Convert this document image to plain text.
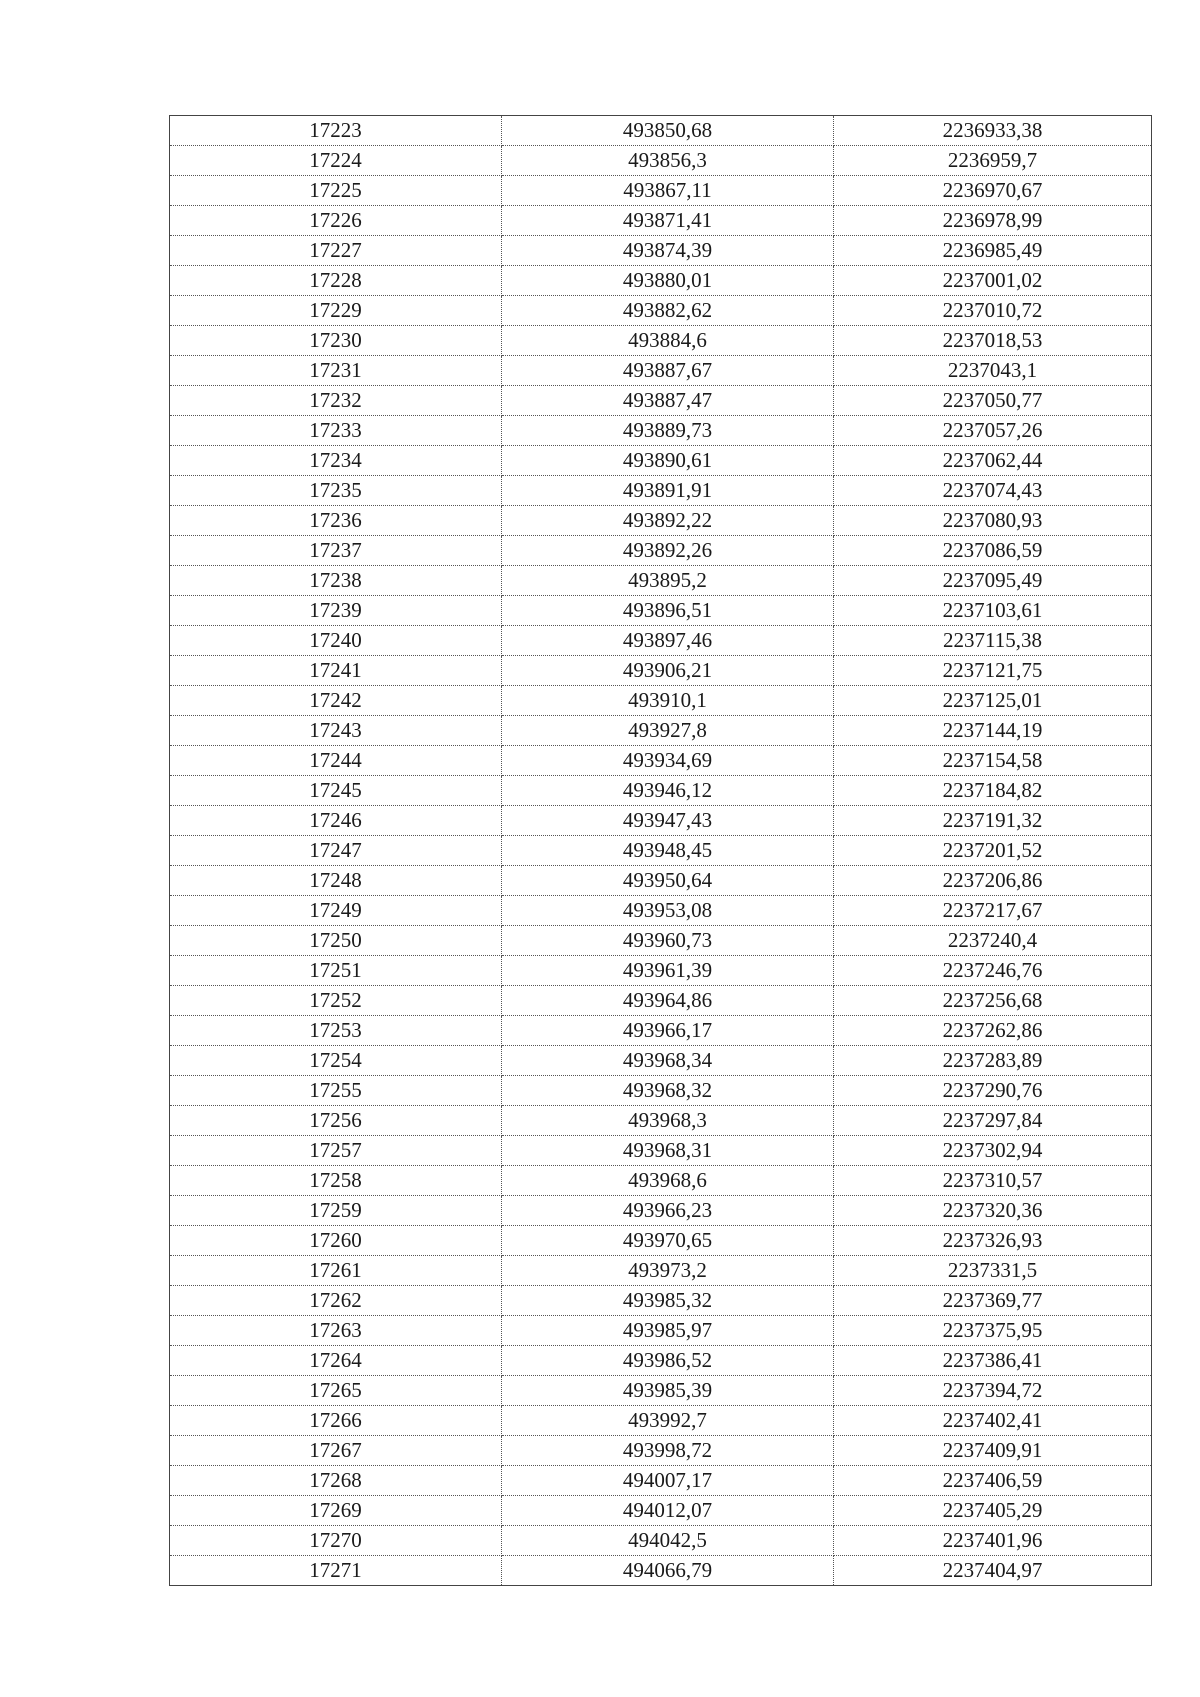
17223	493850,68	2236933,38
17224	493856,3	2236959,7
17225	493867,11	2236970,67
17226	493871,41	2236978,99
17227	493874,39	2236985,49
17228	493880,01	2237001,02
17229	493882,62	2237010,72
17230	493884,6	2237018,53
17231	493887,67	2237043,1
17232	493887,47	2237050,77
17233	493889,73	2237057,26
17234	493890,61	2237062,44
17235	493891,91	2237074,43
17236	493892,22	2237080,93
17237	493892,26	2237086,59
17238	493895,2	2237095,49
17239	493896,51	2237103,61
17240	493897,46	2237115,38
17241	493906,21	2237121,75
17242	493910,1	2237125,01
17243	493927,8	2237144,19
17244	493934,69	2237154,58
17245	493946,12	2237184,82
17246	493947,43	2237191,32
17247	493948,45	2237201,52
17248	493950,64	2237206,86
17249	493953,08	2237217,67
17250	493960,73	2237240,4
17251	493961,39	2237246,76
17252	493964,86	2237256,68
17253	493966,17	2237262,86
17254	493968,34	2237283,89
17255	493968,32	2237290,76
17256	493968,3	2237297,84
17257	493968,31	2237302,94
17258	493968,6	2237310,57
17259	493966,23	2237320,36
17260	493970,65	2237326,93
17261	493973,2	2237331,5
17262	493985,32	2237369,77
17263	493985,97	2237375,95
17264	493986,52	2237386,41
17265	493985,39	2237394,72
17266	493992,7	2237402,41
17267	493998,72	2237409,91
17268	494007,17	2237406,59
17269	494012,07	2237405,29
17270	494042,5	2237401,96
17271	494066,79	2237404,97
